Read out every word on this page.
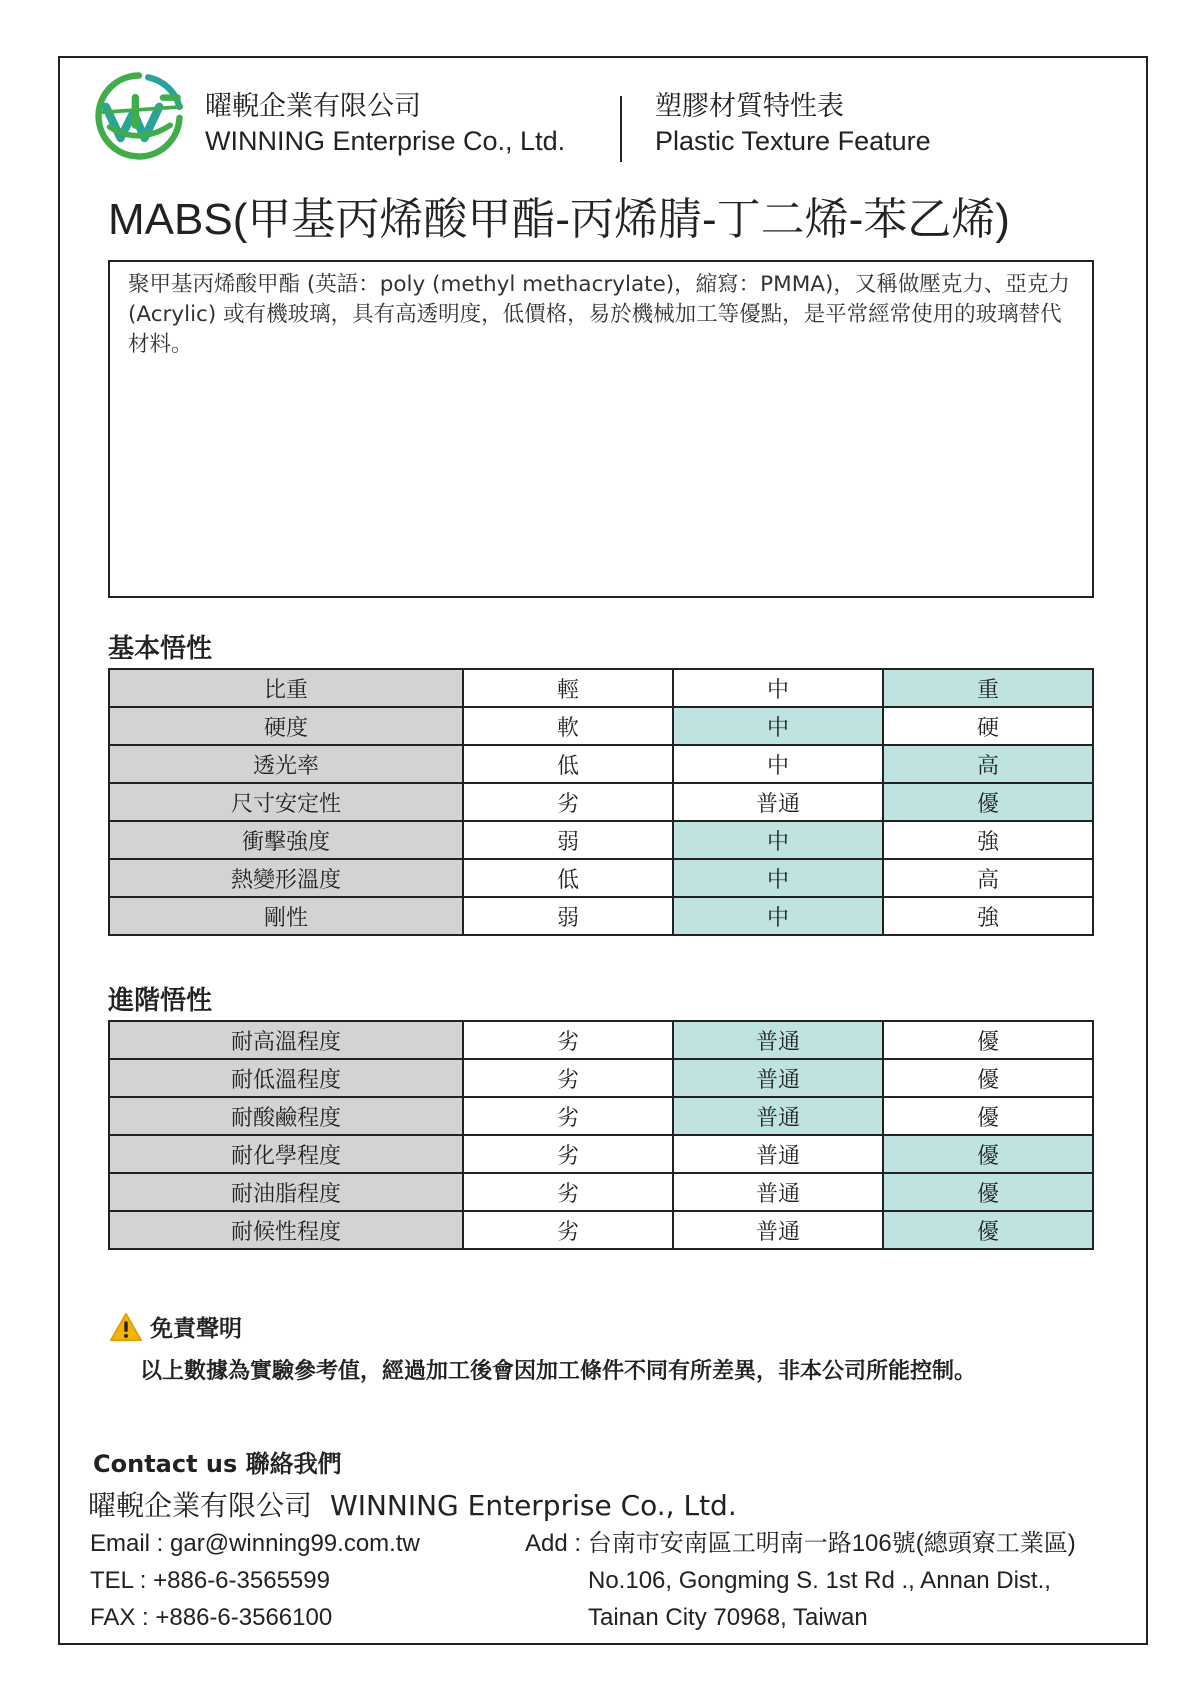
曜輗企業有限公司
WINNING Enterprise Co., Ltd.
塑膠材質特性表
Plastic Texture Feature
MABS(甲基丙烯酸甲酯-丙烯腈-丁二烯-苯乙烯)

聚甲基丙烯酸甲酯 (英語：poly (methyl methacrylate)，縮寫：PMMA)，又稱做壓克力、亞克力 (Acrylic) 或有機玻璃，具有高透明度，低價格，易於機械加工等優點，是平常經常使用的玻璃替代材料。

基本悟性
比重	輕	中	重
硬度	軟	中	硬
透光率	低	中	高
尺寸安定性	劣	普通	優
衝擊強度	弱	中	強
熱變形溫度	低	中	高
剛性	弱	中	強
進階悟性
耐高溫程度	劣	普通	優
耐低溫程度	劣	普通	優
耐酸鹼程度	劣	普通	優
耐化學程度	劣	普通	優
耐油脂程度	劣	普通	優
耐候性程度	劣	普通	優
免責聲明
以上數據為實驗參考值，經過加工後會因加工條件不同有所差異，非本公司所能控制。
Contact us 聯絡我們
曜輗企業有限公司 WINNING Enterprise Co., Ltd.
Email : gar@winning99.com.tw
TEL : +886-6-3565599
FAX : +886-6-3566100
Add : 台南市安南區工明南一路106號(總頭寮工業區)
No.106, Gongming S. 1st Rd ., Annan Dist.,
Tainan City 70968, Taiwan
